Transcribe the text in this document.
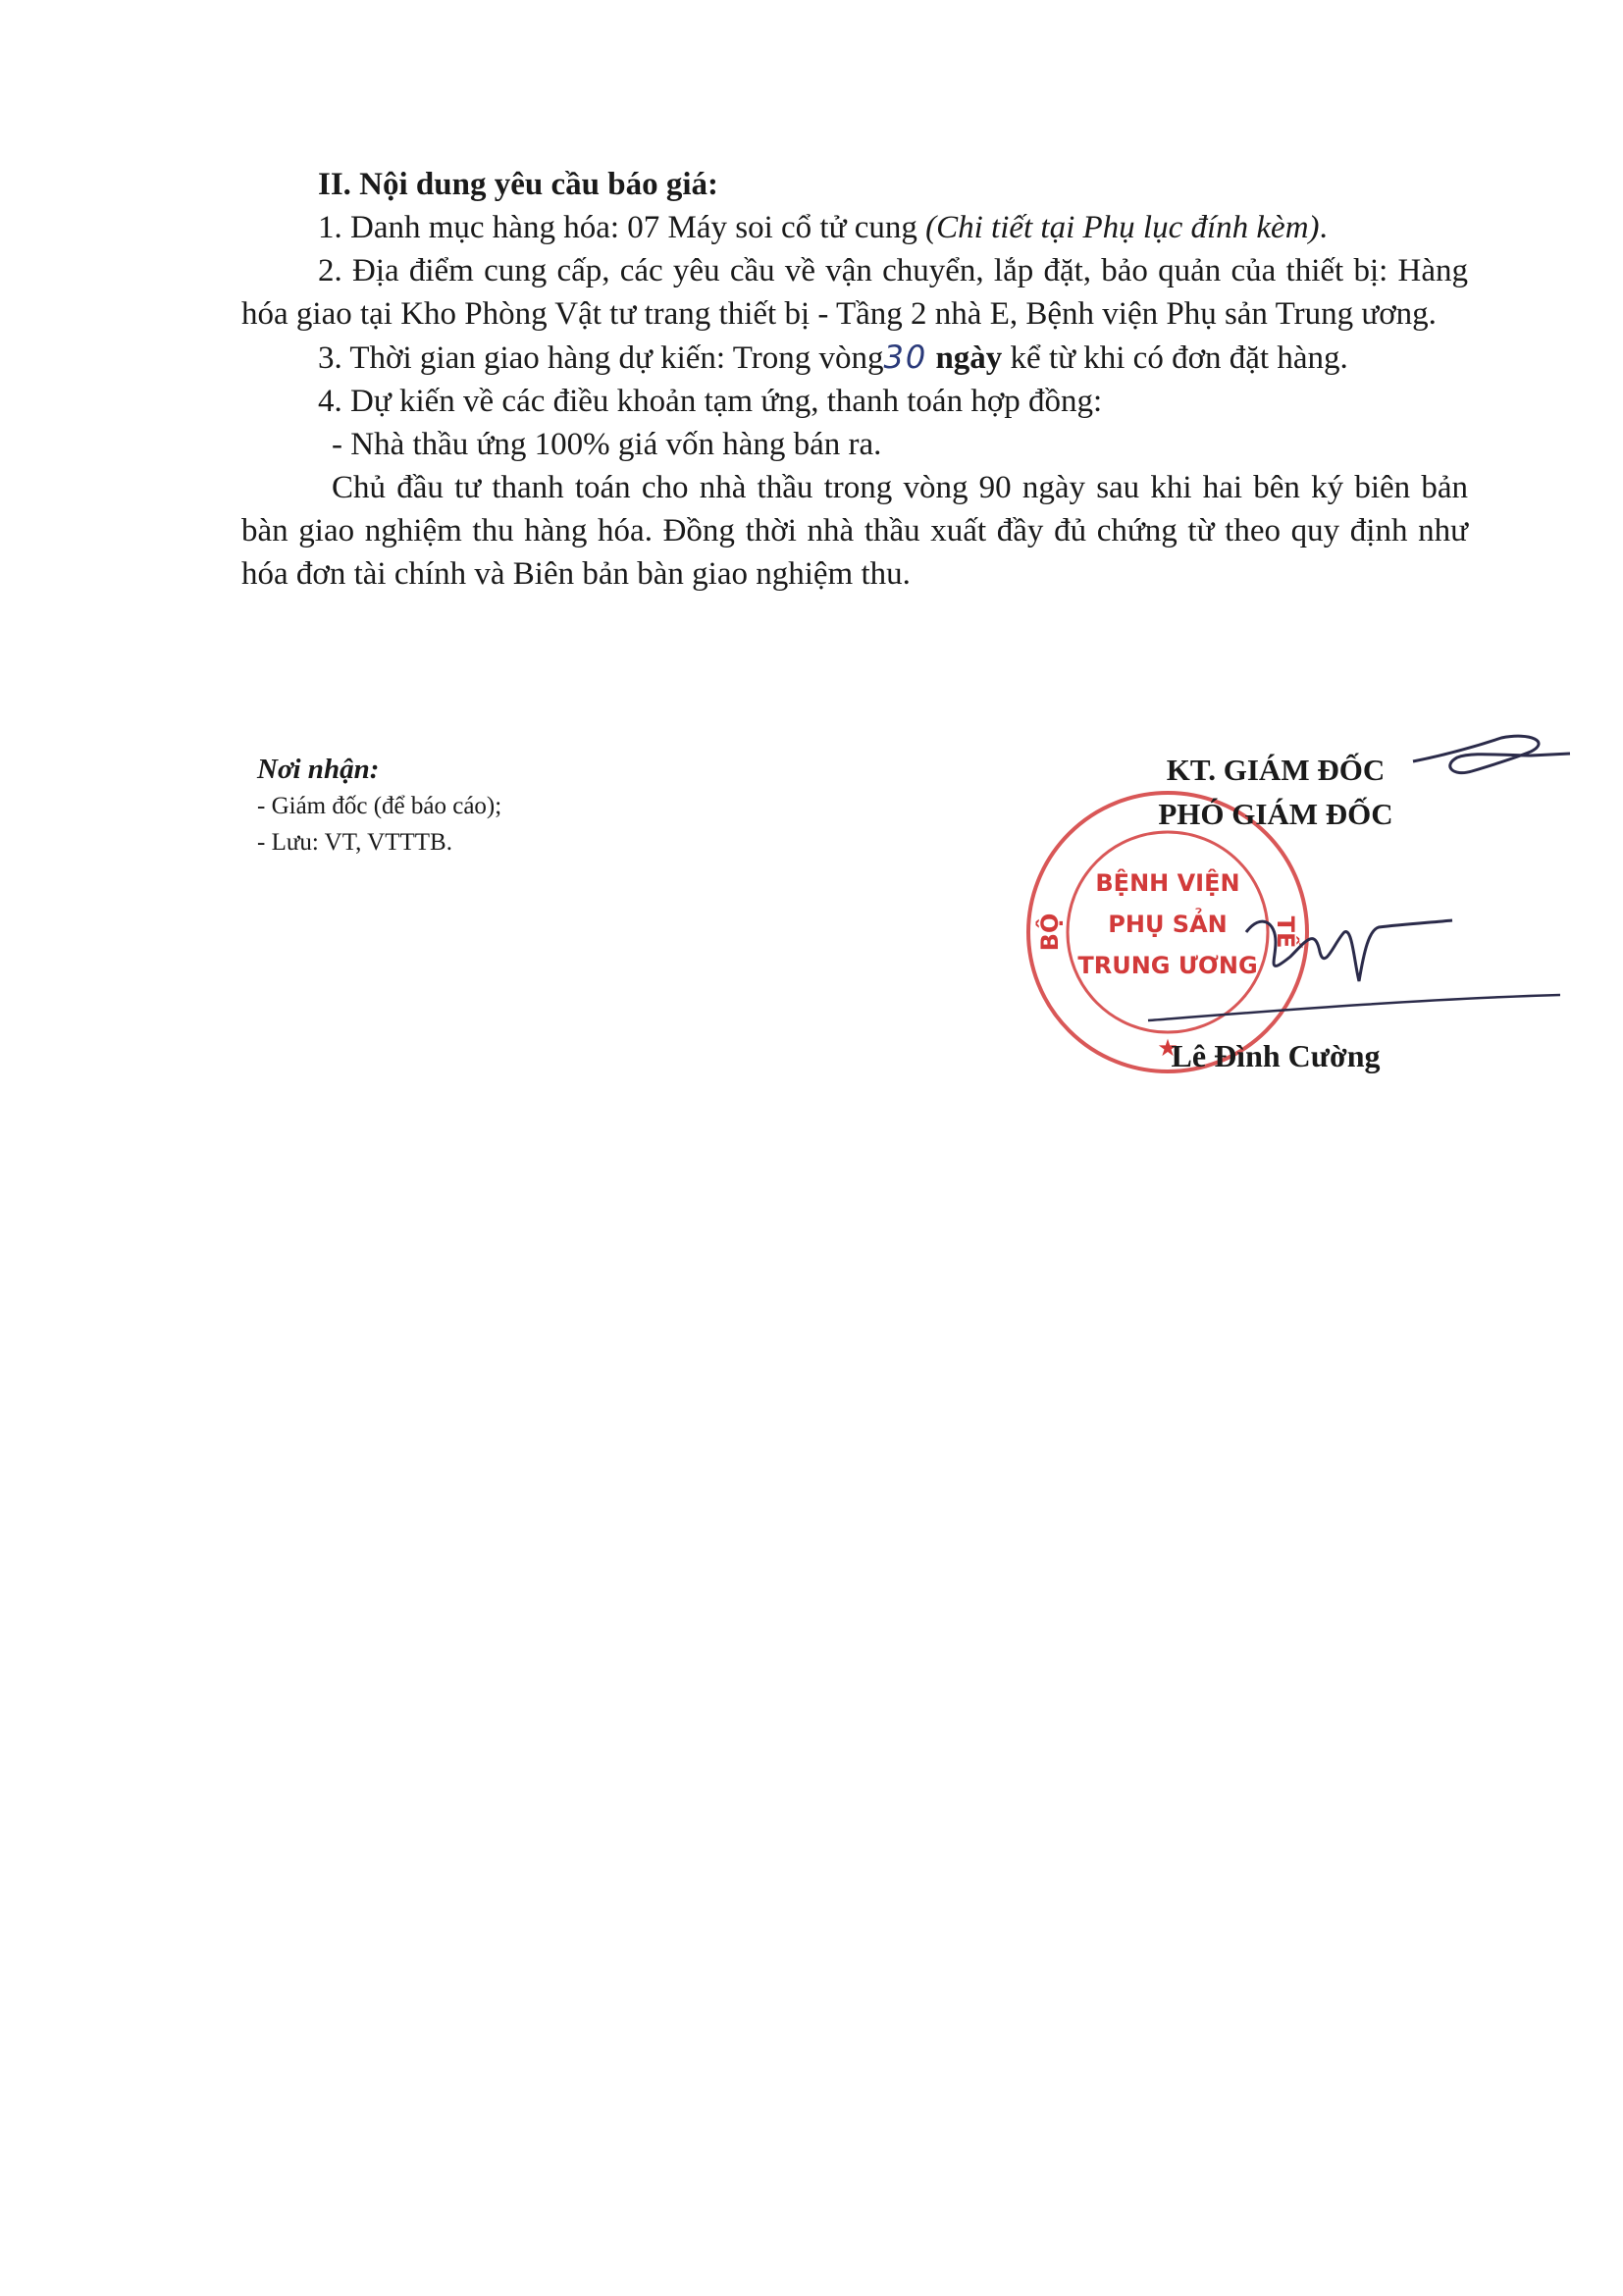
II. Nội dung yêu cầu báo giá:

1. Danh mục hàng hóa: 07 Máy soi cổ tử cung (Chi tiết tại Phụ lục đính kèm).

2. Địa điểm cung cấp, các yêu cầu về vận chuyển, lắp đặt, bảo quản của thiết bị: Hàng hóa giao tại Kho Phòng Vật tư trang thiết bị - Tầng 2 nhà E, Bệnh viện Phụ sản Trung ương.

3. Thời gian giao hàng dự kiến: Trong vòng30 ngày kể từ khi có đơn đặt hàng.

4. Dự kiến về các điều khoản tạm ứng, thanh toán hợp đồng:

- Nhà thầu ứng 100% giá vốn hàng bán ra.

Chủ đầu tư thanh toán cho nhà thầu trong vòng 90 ngày sau khi hai bên ký biên bản bàn giao nghiệm thu hàng hóa. Đồng thời nhà thầu xuất đầy đủ chứng từ theo quy định như hóa đơn tài chính và Biên bản bàn giao nghiệm thu.

Nơi nhận:
- Giám đốc (để báo cáo);
- Lưu: VT, VTTTB.
BỆNH VIỆN
PHỤ SẢN
TRUNG ƯƠNG
BỘ	TẾ
★
KT. GIÁM ĐỐC
PHÓ GIÁM ĐỐC
Lê Đình Cường
